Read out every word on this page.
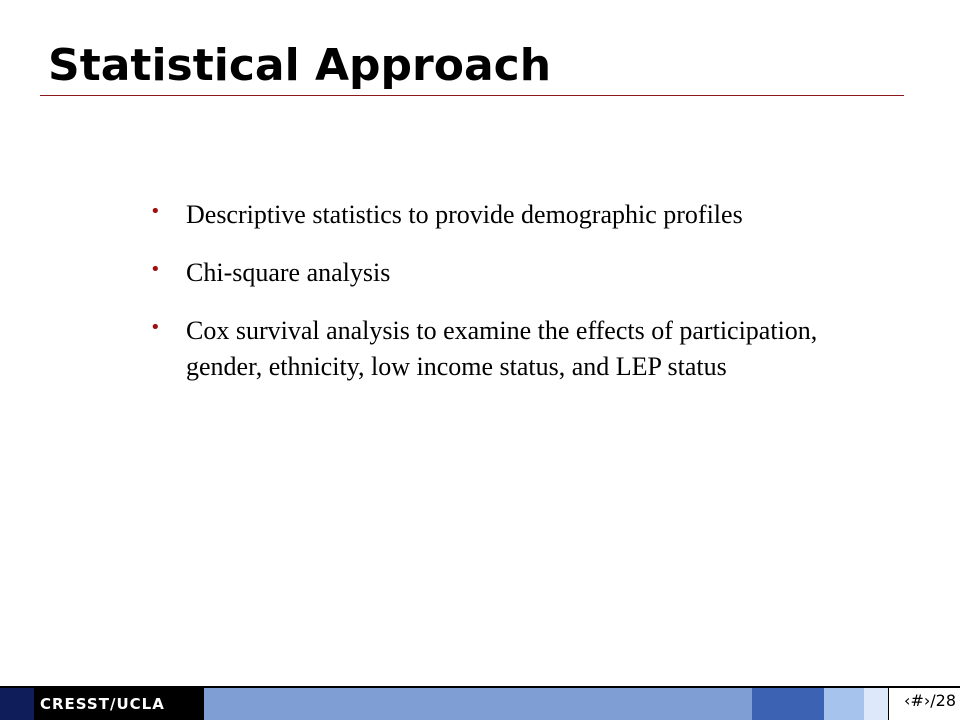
Statistical Approach
• Descriptive statistics to provide demographic profiles
• Chi-square analysis
• Cox survival analysis to examine the effects of participation, gender, ethnicity, low income status, and LEP status
CRESST/UCLA	‹#›/28
